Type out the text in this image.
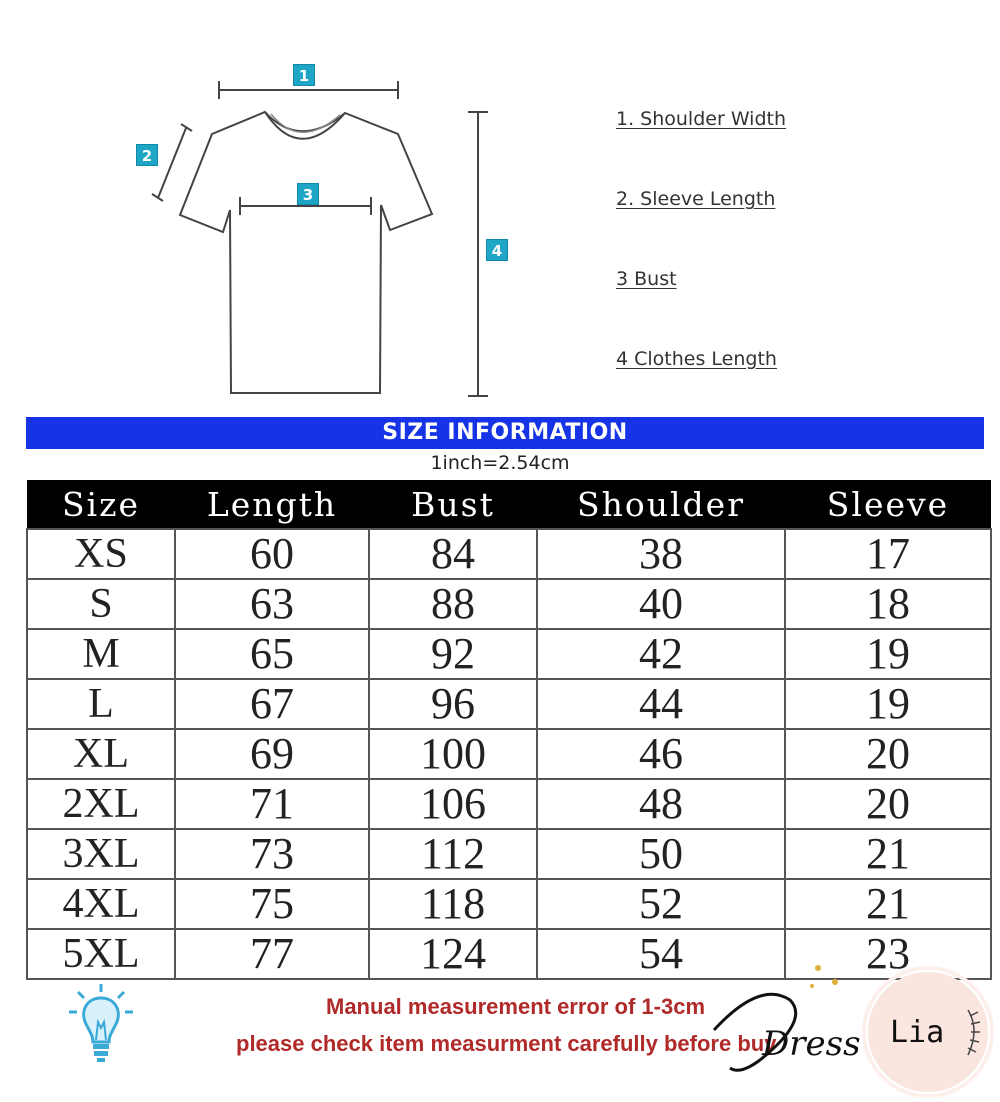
1
2
3
4
1. Shoulder Width
2. Sleeve Length
3 Bust
4 Clothes Length
SIZE INFORMATION
1inch=2.54cm
Size	Length	Bust	Shoulder	Sleeve
XS	60	84	38	17
S	63	88	40	18
M	65	92	42	19
L	67	96	44	19
XL	69	100	46	20
2XL	71	106	48	20
3XL	73	112	50	21
4XL	75	118	52	21
5XL	77	124	54	23
Manual measurement error of 1-3cm
please check item measurment carefully before buy
Dress Lia
